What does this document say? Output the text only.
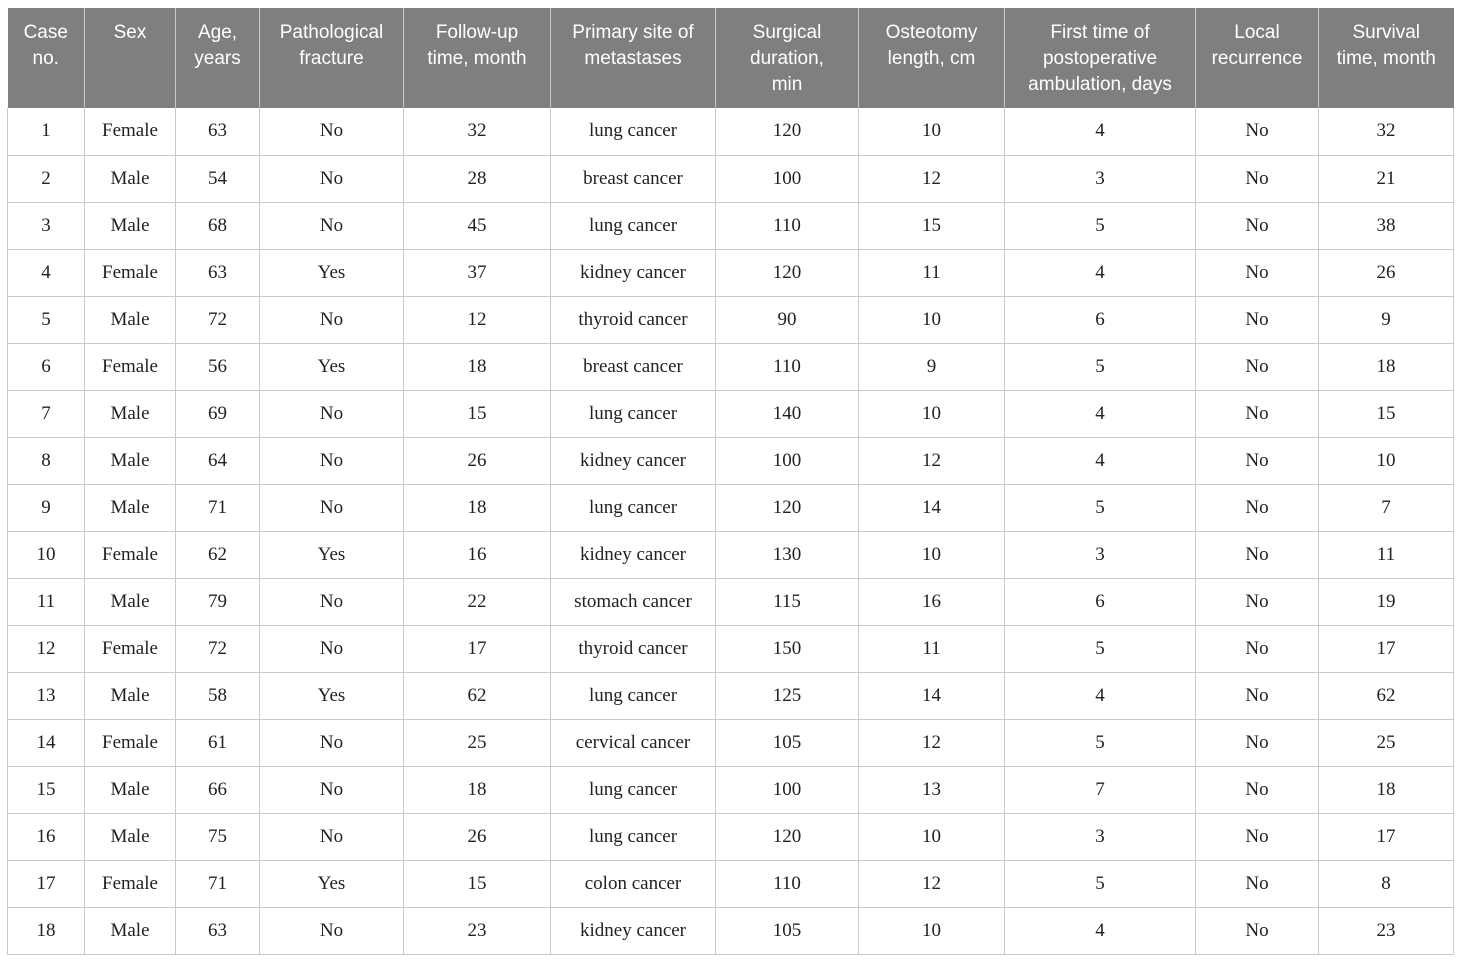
Case
no.	Sex	Age,
years	Pathological
fracture	Follow-up
time, month	Primary site of
metastases	Surgical
duration,
min	Osteotomy
length, cm	First time of
postoperative
ambulation, days	Local
recurrence	Survival
time, month
1	Female	63	No	32	lung cancer	120	10	4	No	32
2	Male	54	No	28	breast cancer	100	12	3	No	21
3	Male	68	No	45	lung cancer	110	15	5	No	38
4	Female	63	Yes	37	kidney cancer	120	11	4	No	26
5	Male	72	No	12	thyroid cancer	90	10	6	No	9
6	Female	56	Yes	18	breast cancer	110	9	5	No	18
7	Male	69	No	15	lung cancer	140	10	4	No	15
8	Male	64	No	26	kidney cancer	100	12	4	No	10
9	Male	71	No	18	lung cancer	120	14	5	No	7
10	Female	62	Yes	16	kidney cancer	130	10	3	No	11
11	Male	79	No	22	stomach cancer	115	16	6	No	19
12	Female	72	No	17	thyroid cancer	150	11	5	No	17
13	Male	58	Yes	62	lung cancer	125	14	4	No	62
14	Female	61	No	25	cervical cancer	105	12	5	No	25
15	Male	66	No	18	lung cancer	100	13	7	No	18
16	Male	75	No	26	lung cancer	120	10	3	No	17
17	Female	71	Yes	15	colon cancer	110	12	5	No	8
18	Male	63	No	23	kidney cancer	105	10	4	No	23
